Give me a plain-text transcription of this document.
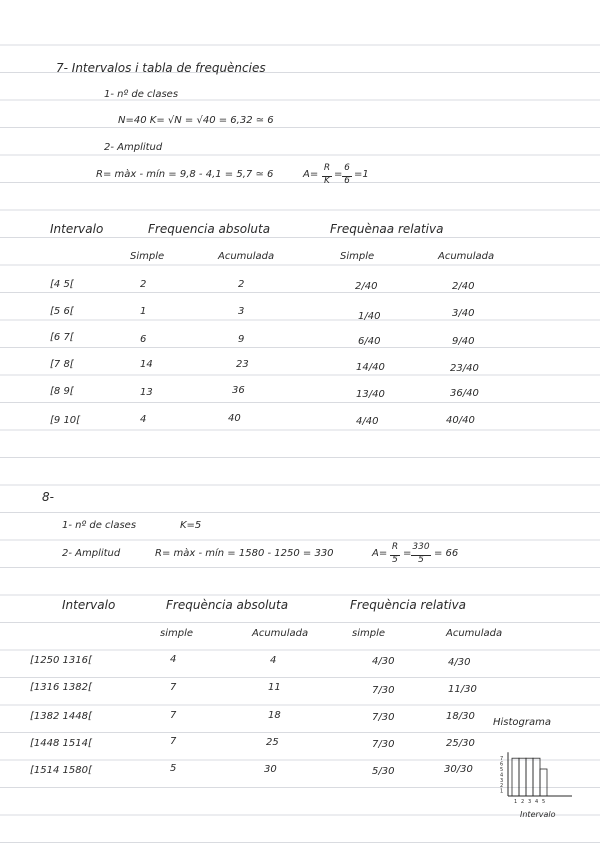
7- Intervalos i tabla de frequències
1- nº de clases
N=40 K= √N = √40 = 6,32 ≃ 6
2- Amplitud
R= màx - mín = 9,8 - 4,1 = 5,7 ≃ 6	A=
R
K
=
6
6
=1
Intervalo	Frequencia absoluta	Frequènaa relativa
Simple	Acumulada	Simple	Acumulada
[4 5[	2	2	2/40	2/40
[5 6[	1	3	1/40	3/40
[6 7[	6	9	6/40	9/40
[7 8[	14	23	14/40	23/40
[8 9[	13	36	13/40	36/40
[9 10[	4	40	4/40	40/40
8-
1- nº de clases	K=5
2- Amplitud	R= màx - mín = 1580 - 1250 = 330	A=
R
5
=
330
5
= 66
Intervalo	Frequència absoluta	Frequència relativa
simple	Acumulada	simple	Acumulada
[1250 1316[	4	4	4/30	4/30
[1316 1382[	7	11	7/30	11/30
[1382 1448[	7	18	7/30	18/30
[1448 1514[	7	25	7/30	25/30
[1514 1580[	5	30	5/30	30/30
Histograma
1
2
3
4
5
6
7
1 2 3 4 5
Intervalo
